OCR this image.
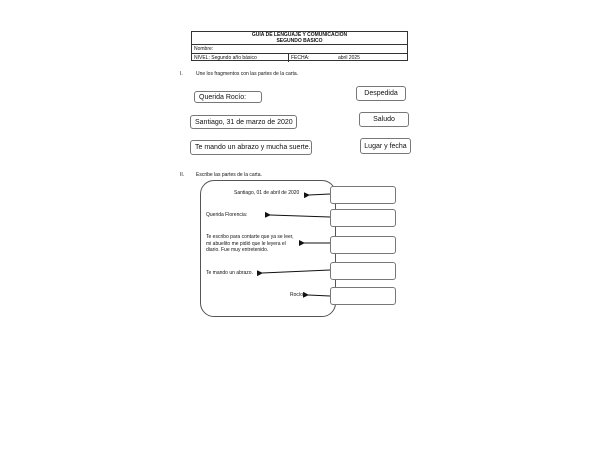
GUIA DE LENGUAJE Y COMUNICACIÓN
SEGUNDO BASICO
Nombre:
NIVEL: Segundo año básico	FECHA:	abril 2025
I.	Une los fragmentos con las partes de la carta.
Querida Rocío:
Santiago, 31 de marzo de 2020
Te mando un abrazo y mucha suerte.
Despedida
Saludo
Lugar y fecha
II. Escribe las partes de la carta.
Santiago, 01 de abril de 2020
Querida Florencia:
Te escribo para contarte que ya se leer,
mi abuelito me pidió que le leyera el
diario. Fue muy entretenido.
Te mando un abrazo.
Rocío
